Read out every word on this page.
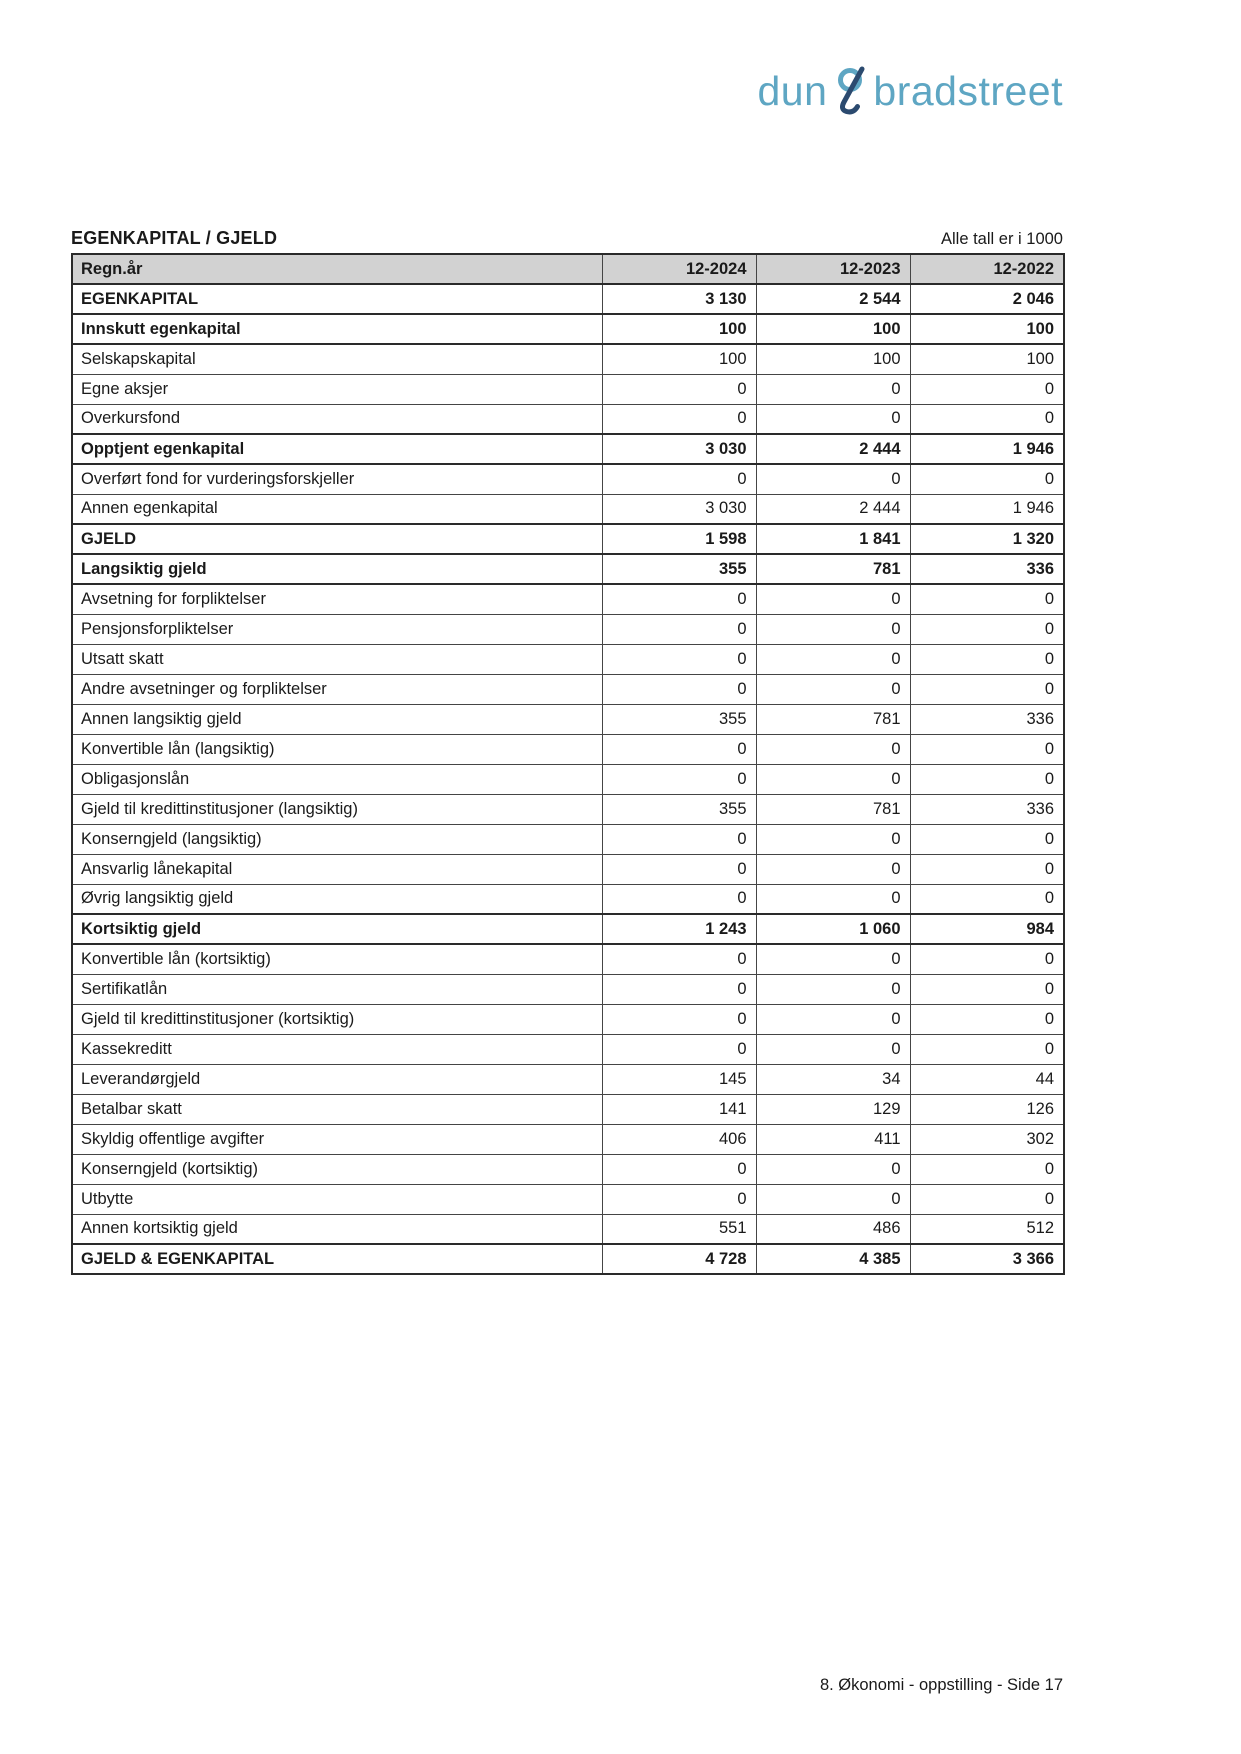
dun bradstreet
EGENKAPITAL / GJELD	Alle tall er i 1000
Regn.år	12-2024	12-2023	12-2022
EGENKAPITAL	3 130	2 544	2 046
Innskutt egenkapital	100	100	100
Selskapskapital	100	100	100
Egne aksjer	0	0	0
Overkursfond	0	0	0
Opptjent egenkapital	3 030	2 444	1 946
Overført fond for vurderingsforskjeller	0	0	0
Annen egenkapital	3 030	2 444	1 946
GJELD	1 598	1 841	1 320
Langsiktig gjeld	355	781	336
Avsetning for forpliktelser	0	0	0
Pensjonsforpliktelser	0	0	0
Utsatt skatt	0	0	0
Andre avsetninger og forpliktelser	0	0	0
Annen langsiktig gjeld	355	781	336
Konvertible lån (langsiktig)	0	0	0
Obligasjonslån	0	0	0
Gjeld til kredittinstitusjoner (langsiktig)	355	781	336
Konserngjeld (langsiktig)	0	0	0
Ansvarlig lånekapital	0	0	0
Øvrig langsiktig gjeld	0	0	0
Kortsiktig gjeld	1 243	1 060	984
Konvertible lån (kortsiktig)	0	0	0
Sertifikatlån	0	0	0
Gjeld til kredittinstitusjoner (kortsiktig)	0	0	0
Kassekreditt	0	0	0
Leverandørgjeld	145	34	44
Betalbar skatt	141	129	126
Skyldig offentlige avgifter	406	411	302
Konserngjeld (kortsiktig)	0	0	0
Utbytte	0	0	0
Annen kortsiktig gjeld	551	486	512
GJELD & EGENKAPITAL	4 728	4 385	3 366
8. Økonomi - oppstilling - Side 17
